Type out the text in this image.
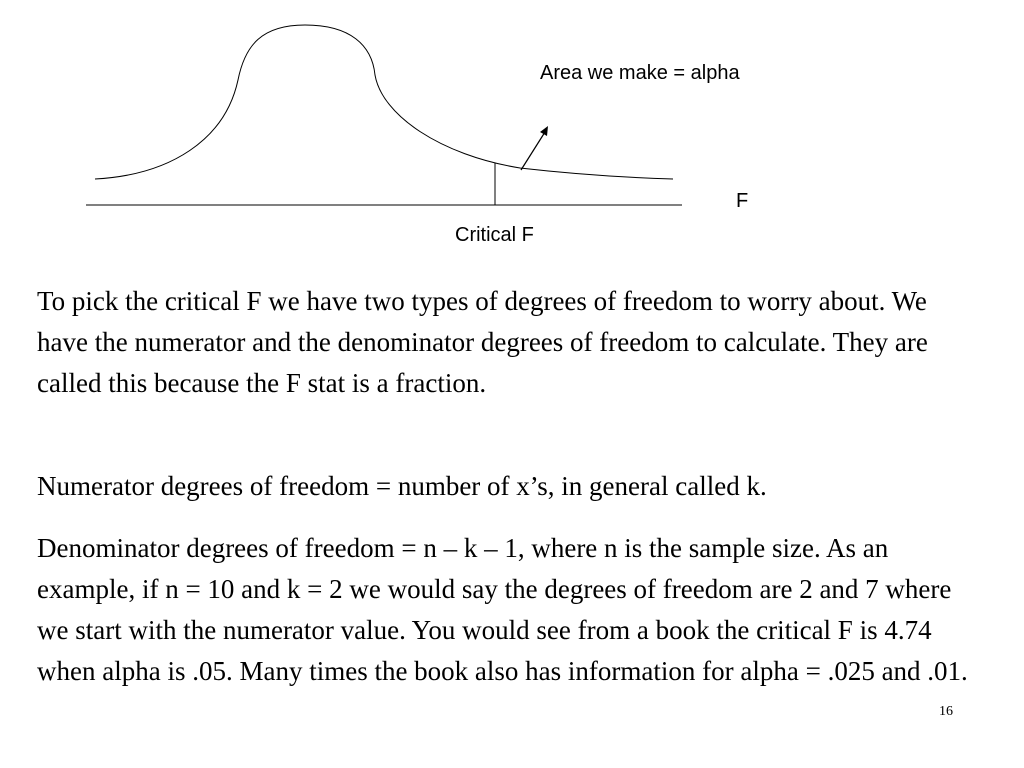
Area we make = alpha
F
Critical F

To pick the critical F we have two types of degrees of freedom to worry about. We have the numerator and the denominator degrees of freedom to calculate. They are called this because the F stat is a fraction.

Numerator degrees of freedom = number of x’s, in general called k.

Denominator degrees of freedom = n – k – 1, where n is the sample size. As an example, if n = 10 and k = 2 we would say the degrees of freedom are 2 and 7 where we start with the numerator value. You would see from a book the critical F is 4.74 when alpha is .05. Many times the book also has information for alpha = .025 and .01.

16
